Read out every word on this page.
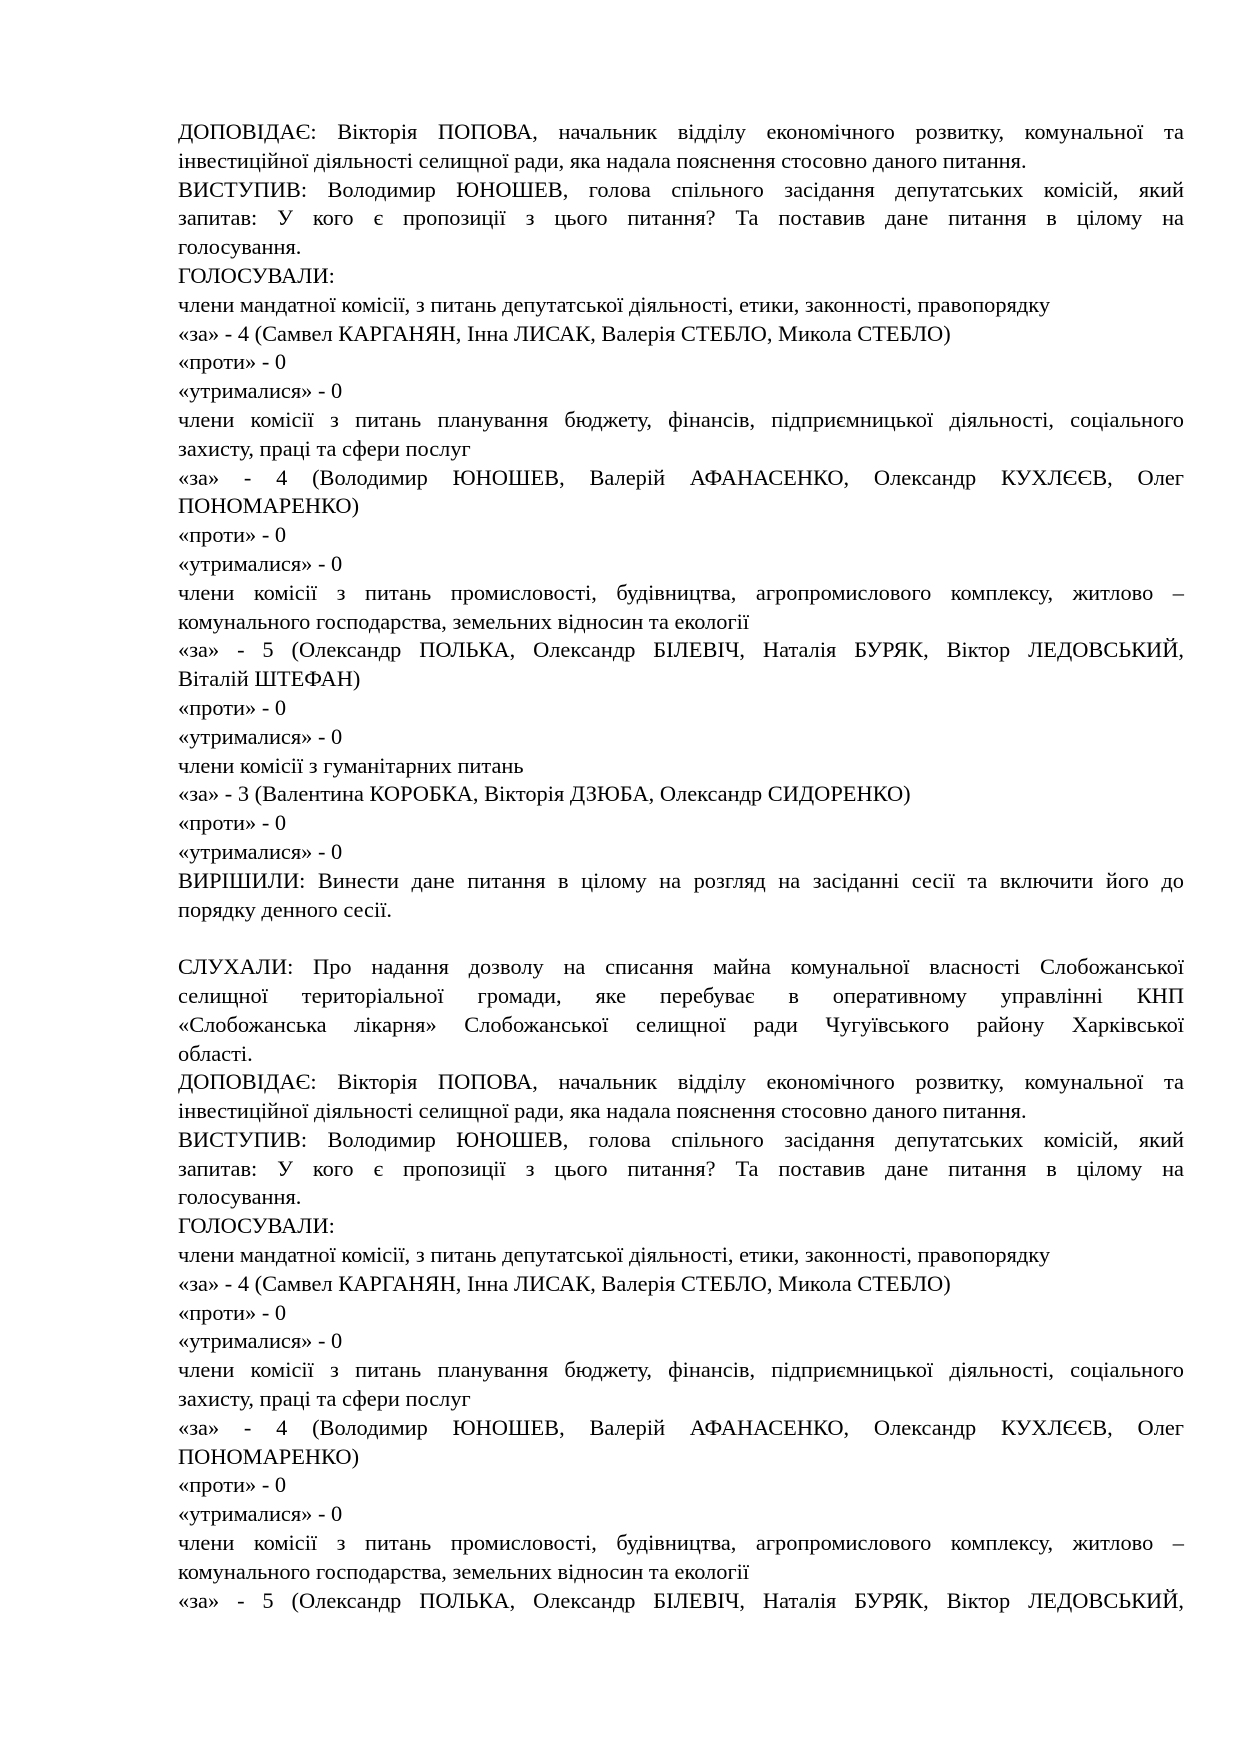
ДОПОВІДАЄ: Вікторія ПОПОВА, начальник відділу економічного розвитку, комунальної та
інвестиційної діяльності селищної ради, яка надала пояснення стосовно даного питання.
ВИСТУПИВ: Володимир ЮНОШЕВ, голова спільного засідання депутатських комісій, який
запитав: У кого є пропозиції з цього питання? Та поставив дане питання в цілому на
голосування.
ГОЛОСУВАЛИ:
члени мандатної комісії, з питань депутатської діяльності, етики, законності, правопорядку
«за» - 4 (Самвел КАРГАНЯН, Інна ЛИСАК, Валерія СТЕБЛО, Микола СТЕБЛО)
«проти» - 0
«утрималися» - 0
члени комісії з питань планування бюджету, фінансів, підприємницької діяльності, соціального
захисту, праці та сфери послуг
«за» - 4 (Володимир ЮНОШЕВ, Валерій АФАНАСЕНКО, Олександр КУХЛЄЄВ, Олег
ПОНОМАРЕНКО)
«проти» - 0
«утрималися» - 0
члени комісії з питань промисловості, будівництва, агропромислового комплексу, житлово –
комунального господарства, земельних відносин та екології
«за» - 5 (Олександр ПОЛЬКА, Олександр БІЛЕВІЧ, Наталія БУРЯК, Віктор ЛЕДОВСЬКИЙ,
Віталій ШТЕФАН)
«проти» - 0
«утрималися» - 0
члени комісії з гуманітарних питань
«за» - 3 (Валентина КОРОБКА, Вікторія ДЗЮБА, Олександр СИДОРЕНКО)
«проти» - 0
«утрималися» - 0
ВИРІШИЛИ: Винести дане питання в цілому на розгляд на засіданні сесії та включити його до
порядку денного сесії.
СЛУХАЛИ: Про надання дозволу на списання майна комунальної власності Слобожанської
селищної територіальної громади, яке перебуває в оперативному управлінні КНП
«Слобожанська лікарня» Слобожанської селищної ради Чугуївського району Харківської
області.
ДОПОВІДАЄ: Вікторія ПОПОВА, начальник відділу економічного розвитку, комунальної та
інвестиційної діяльності селищної ради, яка надала пояснення стосовно даного питання.
ВИСТУПИВ: Володимир ЮНОШЕВ, голова спільного засідання депутатських комісій, який
запитав: У кого є пропозиції з цього питання? Та поставив дане питання в цілому на
голосування.
ГОЛОСУВАЛИ:
члени мандатної комісії, з питань депутатської діяльності, етики, законності, правопорядку
«за» - 4 (Самвел КАРГАНЯН, Інна ЛИСАК, Валерія СТЕБЛО, Микола СТЕБЛО)
«проти» - 0
«утрималися» - 0
члени комісії з питань планування бюджету, фінансів, підприємницької діяльності, соціального
захисту, праці та сфери послуг
«за» - 4 (Володимир ЮНОШЕВ, Валерій АФАНАСЕНКО, Олександр КУХЛЄЄВ, Олег
ПОНОМАРЕНКО)
«проти» - 0
«утрималися» - 0
члени комісії з питань промисловості, будівництва, агропромислового комплексу, житлово –
комунального господарства, земельних відносин та екології
«за» - 5 (Олександр ПОЛЬКА, Олександр БІЛЕВІЧ, Наталія БУРЯК, Віктор ЛЕДОВСЬКИЙ,
